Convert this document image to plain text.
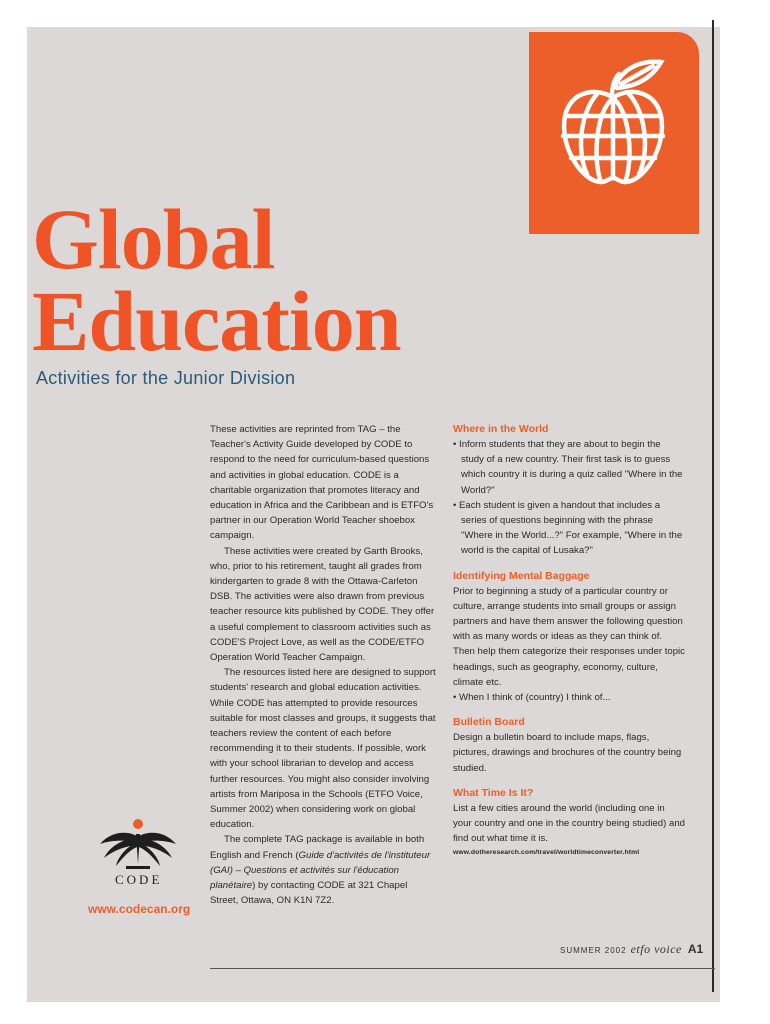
Global
Education
Activities for the Junior Division

These activities are reprinted from TAG – the Teacher's Activity Guide developed by CODE to respond to the need for curriculum-based questions and activities in global education. CODE is a charitable organization that promotes literacy and education in Africa and the Caribbean and is ETFO's partner in our Operation World Teacher shoebox campaign.

These activities were created by Garth Brooks, who, prior to his retirement, taught all grades from kindergarten to grade 8 with the Ottawa-Carleton DSB. The activities were also drawn from previous teacher resource kits published by CODE. They offer a useful complement to classroom activities such as CODE'S Project Love, as well as the CODE/ETFO Operation World Teacher Campaign.

The resources listed here are designed to support students' research and global education activities. While CODE has attempted to provide resources suitable for most classes and groups, it suggests that teachers review the content of each before recommending it to their students. If possible, work with your school librarian to develop and access further resources. You might also consider involving artists from Mariposa in the Schools (ETFO Voice, Summer 2002) when considering work on global education.

The complete TAG package is available in both English and French (Guide d'activités de l'instituteur (GAI) – Questions et activités sur l'éducation planétaire) by contacting CODE at 321 Chapel Street, Ottawa, ON K1N 7Z2.

Where in the World

• Inform students that they are about to begin the study of a new country. Their first task is to guess which country it is during a quiz called "Where in the World?"

• Each student is given a handout that includes a series of questions beginning with the phrase "Where in the World...?" For example, "Where in the world is the capital of Lusaka?"

Identifying Mental Baggage

Prior to beginning a study of a particular country or culture, arrange students into small groups or assign partners and have them answer the following question with as many words or ideas as they can think of. Then help them categorize their responses under topic headings, such as geography, economy, culture, climate etc.

• When I think of (country) I think of...

Bulletin Board

Design a bulletin board to include maps, flags, pictures, drawings and brochures of the country being studied.

What Time Is It?

List a few cities around the world (including one in your country and one in the country being studied) and find out what time it is.

www.dotheresearch.com/travel/worldtimeconverter.html

CODE
www.codecan.org
SUMMER 2002 etfo voice A1
